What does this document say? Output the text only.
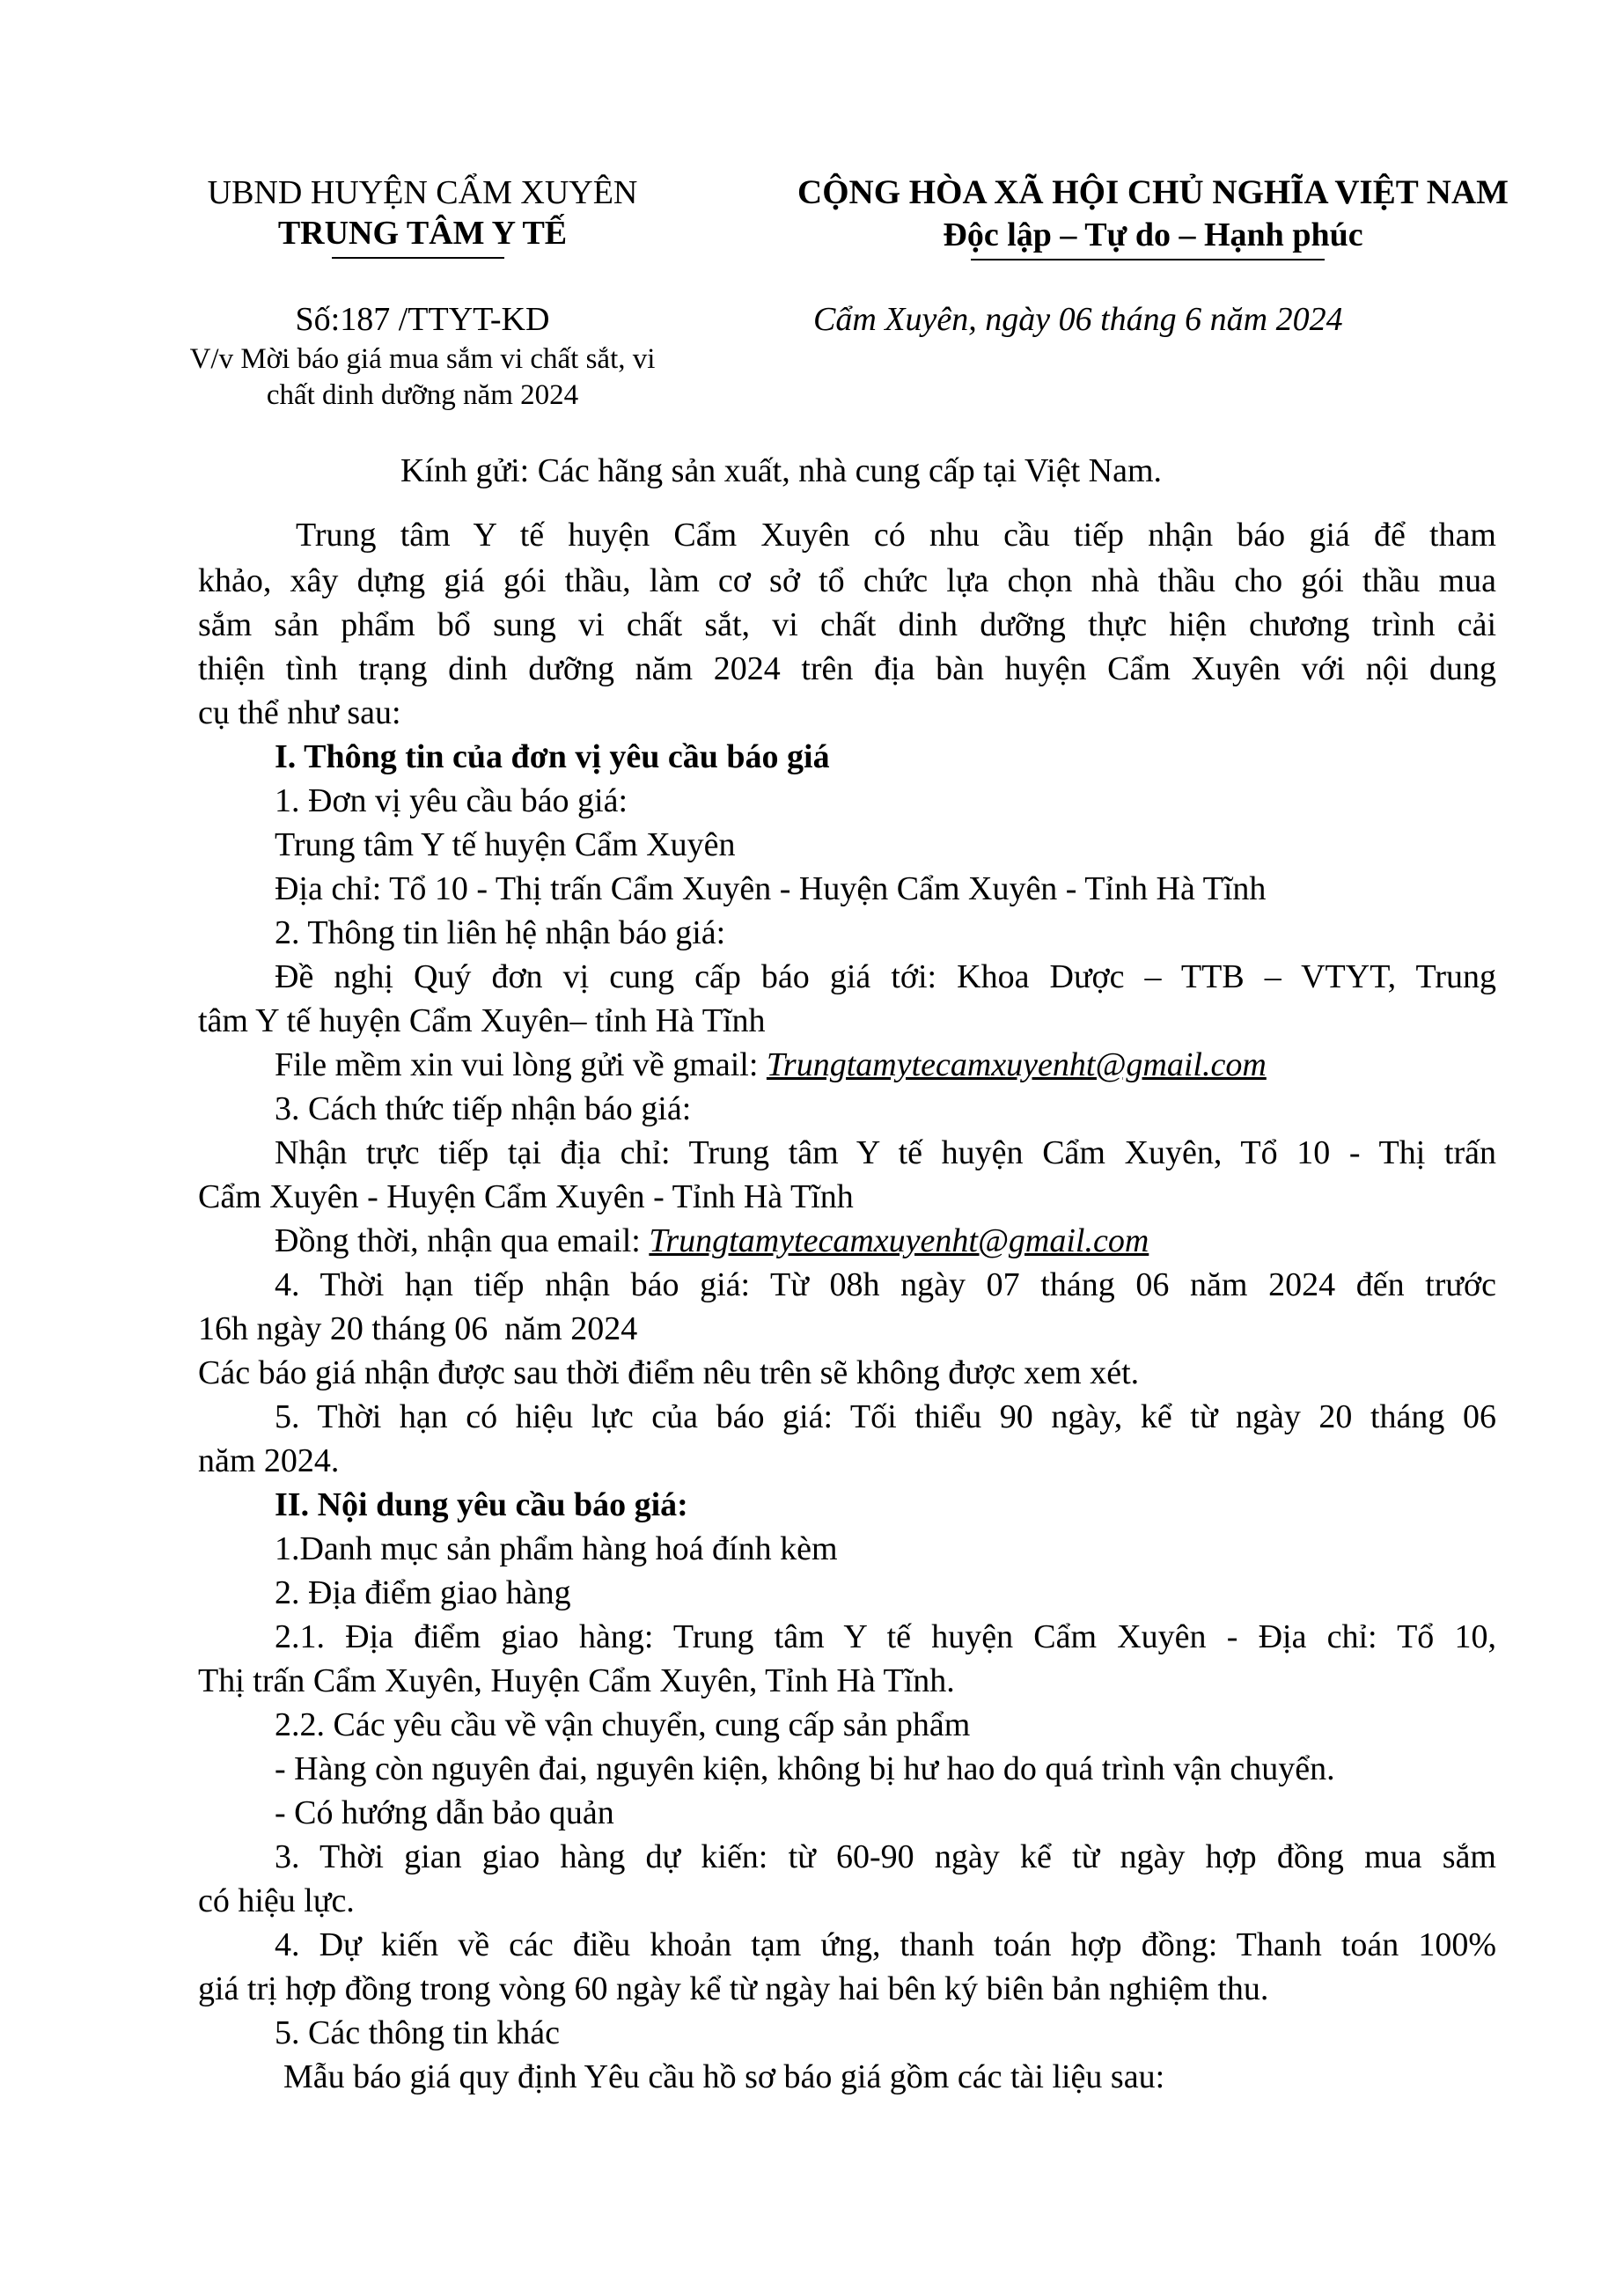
UBND HUYỆN CẨM XUYÊN
TRUNG TÂM Y TẾ
CỘNG HÒA XÃ HỘI CHỦ NGHĨA VIỆT NAM
Độc lập – Tự do – Hạnh phúc
Số:187 /TTYT-KD
V/v Mời báo giá mua sắm vi chất sắt, vi
chất dinh dưỡng năm 2024
Cẩm Xuyên, ngày 06 tháng 6 năm 2024
Kính gửi: Các hãng sản xuất, nhà cung cấp tại Việt Nam.
Trung tâm Y tế huyện Cẩm Xuyên có nhu cầu tiếp nhận báo giá để tham
khảo, xây dựng giá gói thầu, làm cơ sở tổ chức lựa chọn nhà thầu cho gói thầu mua
sắm sản phẩm bổ sung vi chất sắt, vi chất dinh dưỡng thực hiện chương trình cải
thiện tình trạng dinh dưỡng năm 2024 trên địa bàn huyện Cẩm Xuyên với nội dung
cụ thể như sau:
I. Thông tin của đơn vị yêu cầu báo giá
1. Đơn vị yêu cầu báo giá:
Trung tâm Y tế huyện Cẩm Xuyên
Địa chỉ: Tổ 10 - Thị trấn Cẩm Xuyên - Huyện Cẩm Xuyên - Tỉnh Hà Tĩnh
2. Thông tin liên hệ nhận báo giá:
Đề nghị Quý đơn vị cung cấp báo giá tới: Khoa Dược – TTB – VTYT, Trung
tâm Y tế huyện Cẩm Xuyên– tỉnh Hà Tĩnh
File mềm xin vui lòng gửi về gmail: Trungtamytecamxuyenht@gmail.com
3. Cách thức tiếp nhận báo giá:
Nhận trực tiếp tại địa chỉ: Trung tâm Y tế huyện Cẩm Xuyên, Tổ 10 - Thị trấn
Cẩm Xuyên - Huyện Cẩm Xuyên - Tỉnh Hà Tĩnh
Đồng thời, nhận qua email: Trungtamytecamxuyenht@gmail.com
4. Thời hạn tiếp nhận báo giá: Từ 08h ngày 07 tháng 06 năm 2024 đến trước
16h ngày 20 tháng 06  năm 2024
Các báo giá nhận được sau thời điểm nêu trên sẽ không được xem xét.
5. Thời hạn có hiệu lực của báo giá: Tối thiểu 90 ngày, kể từ ngày 20 tháng 06
năm 2024.
II. Nội dung yêu cầu báo giá:
1.Danh mục sản phẩm hàng hoá đính kèm
2. Địa điểm giao hàng
2.1. Địa điểm giao hàng: Trung tâm Y tế huyện Cẩm Xuyên - Địa chỉ: Tổ 10,
Thị trấn Cẩm Xuyên, Huyện Cẩm Xuyên, Tỉnh Hà Tĩnh.
2.2. Các yêu cầu về vận chuyển, cung cấp sản phẩm
- Hàng còn nguyên đai, nguyên kiện, không bị hư hao do quá trình vận chuyển.
- Có hướng dẫn bảo quản
3. Thời gian giao hàng dự kiến: từ 60-90 ngày kể từ ngày hợp đồng mua sắm
có hiệu lực.
4. Dự kiến về các điều khoản tạm ứng, thanh toán hợp đồng: Thanh toán 100%
giá trị hợp đồng trong vòng 60 ngày kể từ ngày hai bên ký biên bản nghiệm thu.
5. Các thông tin khác
Mẫu báo giá quy định Yêu cầu hồ sơ báo giá gồm các tài liệu sau:
